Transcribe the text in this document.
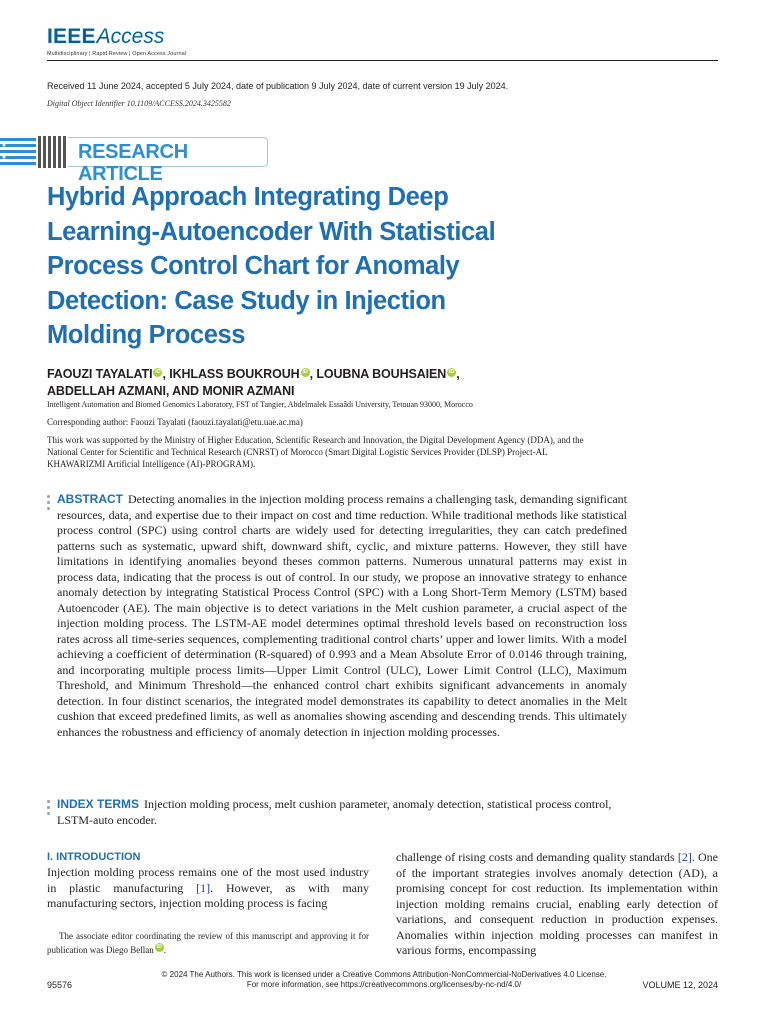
IEEE Access
Multidisciplinary | Rapid Review | Open Access Journal
Received 11 June 2024, accepted 5 July 2024, date of publication 9 July 2024, date of current version 19 July 2024.
Digital Object Identifier 10.1109/ACCESS.2024.3425582
RESEARCH ARTICLE
Hybrid Approach Integrating Deep Learning-Autoencoder With Statistical Process Control Chart for Anomaly Detection: Case Study in Injection Molding Process
FAOUZI TAYALATI iD , IKHLASS BOUKROUH iD , LOUBNA BOUHSAIEN iD ,
ABDELLAH AZMANI, AND MONIR AZMANI
Intelligent Automation and Biomed Genomics Laboratory, FST of Tangier, Abdelmalek Essaâdi University, Tetouan 93000, Morocco
Corresponding author: Faouzi Tayalati (faouzi.tayalati@etu.uae.ac.ma)
This work was supported by the Ministry of Higher Education, Scientific Research and Innovation, the Digital Development Agency (DDA), and the National Center for Scientific and Technical Research (CNRST) of Morocco (Smart Digital Logistic Services Provider (DLSP) Project-AL KHAWARIZMI Artificial Intelligence (AI)-PROGRAM).
ABSTRACT Detecting anomalies in the injection molding process remains a challenging task, demanding significant resources, data, and expertise due to their impact on cost and time reduction. While traditional methods like statistical process control (SPC) using control charts are widely used for detecting irregularities, they can catch predefined patterns such as systematic, upward shift, downward shift, cyclic, and mixture patterns. However, they still have limitations in identifying anomalies beyond theses common patterns. Numerous unnatural patterns may exist in process data, indicating that the process is out of control. In our study, we propose an innovative strategy to enhance anomaly detection by integrating Statistical Process Control (SPC) with a Long Short-Term Memory (LSTM) based Autoencoder (AE). The main objective is to detect variations in the Melt cushion parameter, a crucial aspect of the injection molding process. The LSTM-AE model determines optimal threshold levels based on reconstruction loss rates across all time-series sequences, complementing traditional control charts’ upper and lower limits. With a model achieving a coefficient of determination (R-squared) of 0.993 and a Mean Absolute Error of 0.0146 through training, and incorporating multiple process limits—Upper Limit Control (ULC), Lower Limit Control (LLC), Maximum Threshold, and Minimum Threshold—the enhanced control chart exhibits significant advancements in anomaly detection. In four distinct scenarios, the integrated model demonstrates its capability to detect anomalies in the Melt cushion that exceed predefined limits, as well as anomalies showing ascending and descending trends. This ultimately enhances the robustness and efficiency of anomaly detection in injection molding processes.
INDEX TERMS Injection molding process, melt cushion parameter, anomaly detection, statistical process control, LSTM-auto encoder.
I. INTRODUCTION

Injection molding process remains one of the most used industry in plastic manufacturing [1]. However, as with many manufacturing sectors, injection molding process is facing

The associate editor coordinating the review of this manuscript and approving it for publication was Diego Bellan iD .

challenge of rising costs and demanding quality standards [2]. One of the important strategies involves anomaly detection (AD), a promising concept for cost reduction. Its implementation within injection molding remains crucial, enabling early detection of variations, and consequent reduction in production expenses. Anomalies within injection molding processes can manifest in various forms, encompassing

© 2024 The Authors. This work is licensed under a Creative Commons Attribution-NonCommercial-NoDerivatives 4.0 License.
For more information, see https://creativecommons.org/licenses/by-nc-nd/4.0/
95576	VOLUME 12, 2024
